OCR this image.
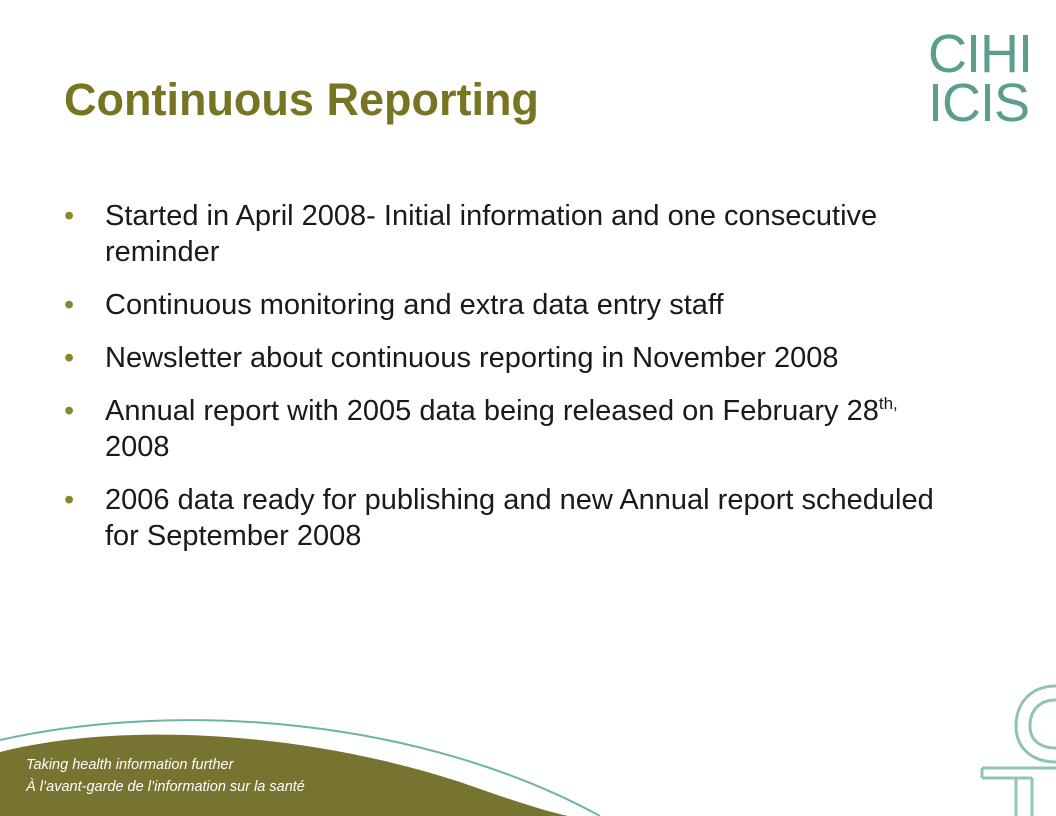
Continuous Reporting
CIHI
ICIS
• Started in April 2008- Initial information and one consecutive reminder
• Continuous monitoring and extra data entry staff
• Newsletter about continuous reporting in November 2008
• Annual report with 2005 data being released on February $28^{th,}$ 2008
• 2006 data ready for publishing and new Annual report scheduled for September 2008
Taking health information further
À l’avant-garde de l’information sur la santé
